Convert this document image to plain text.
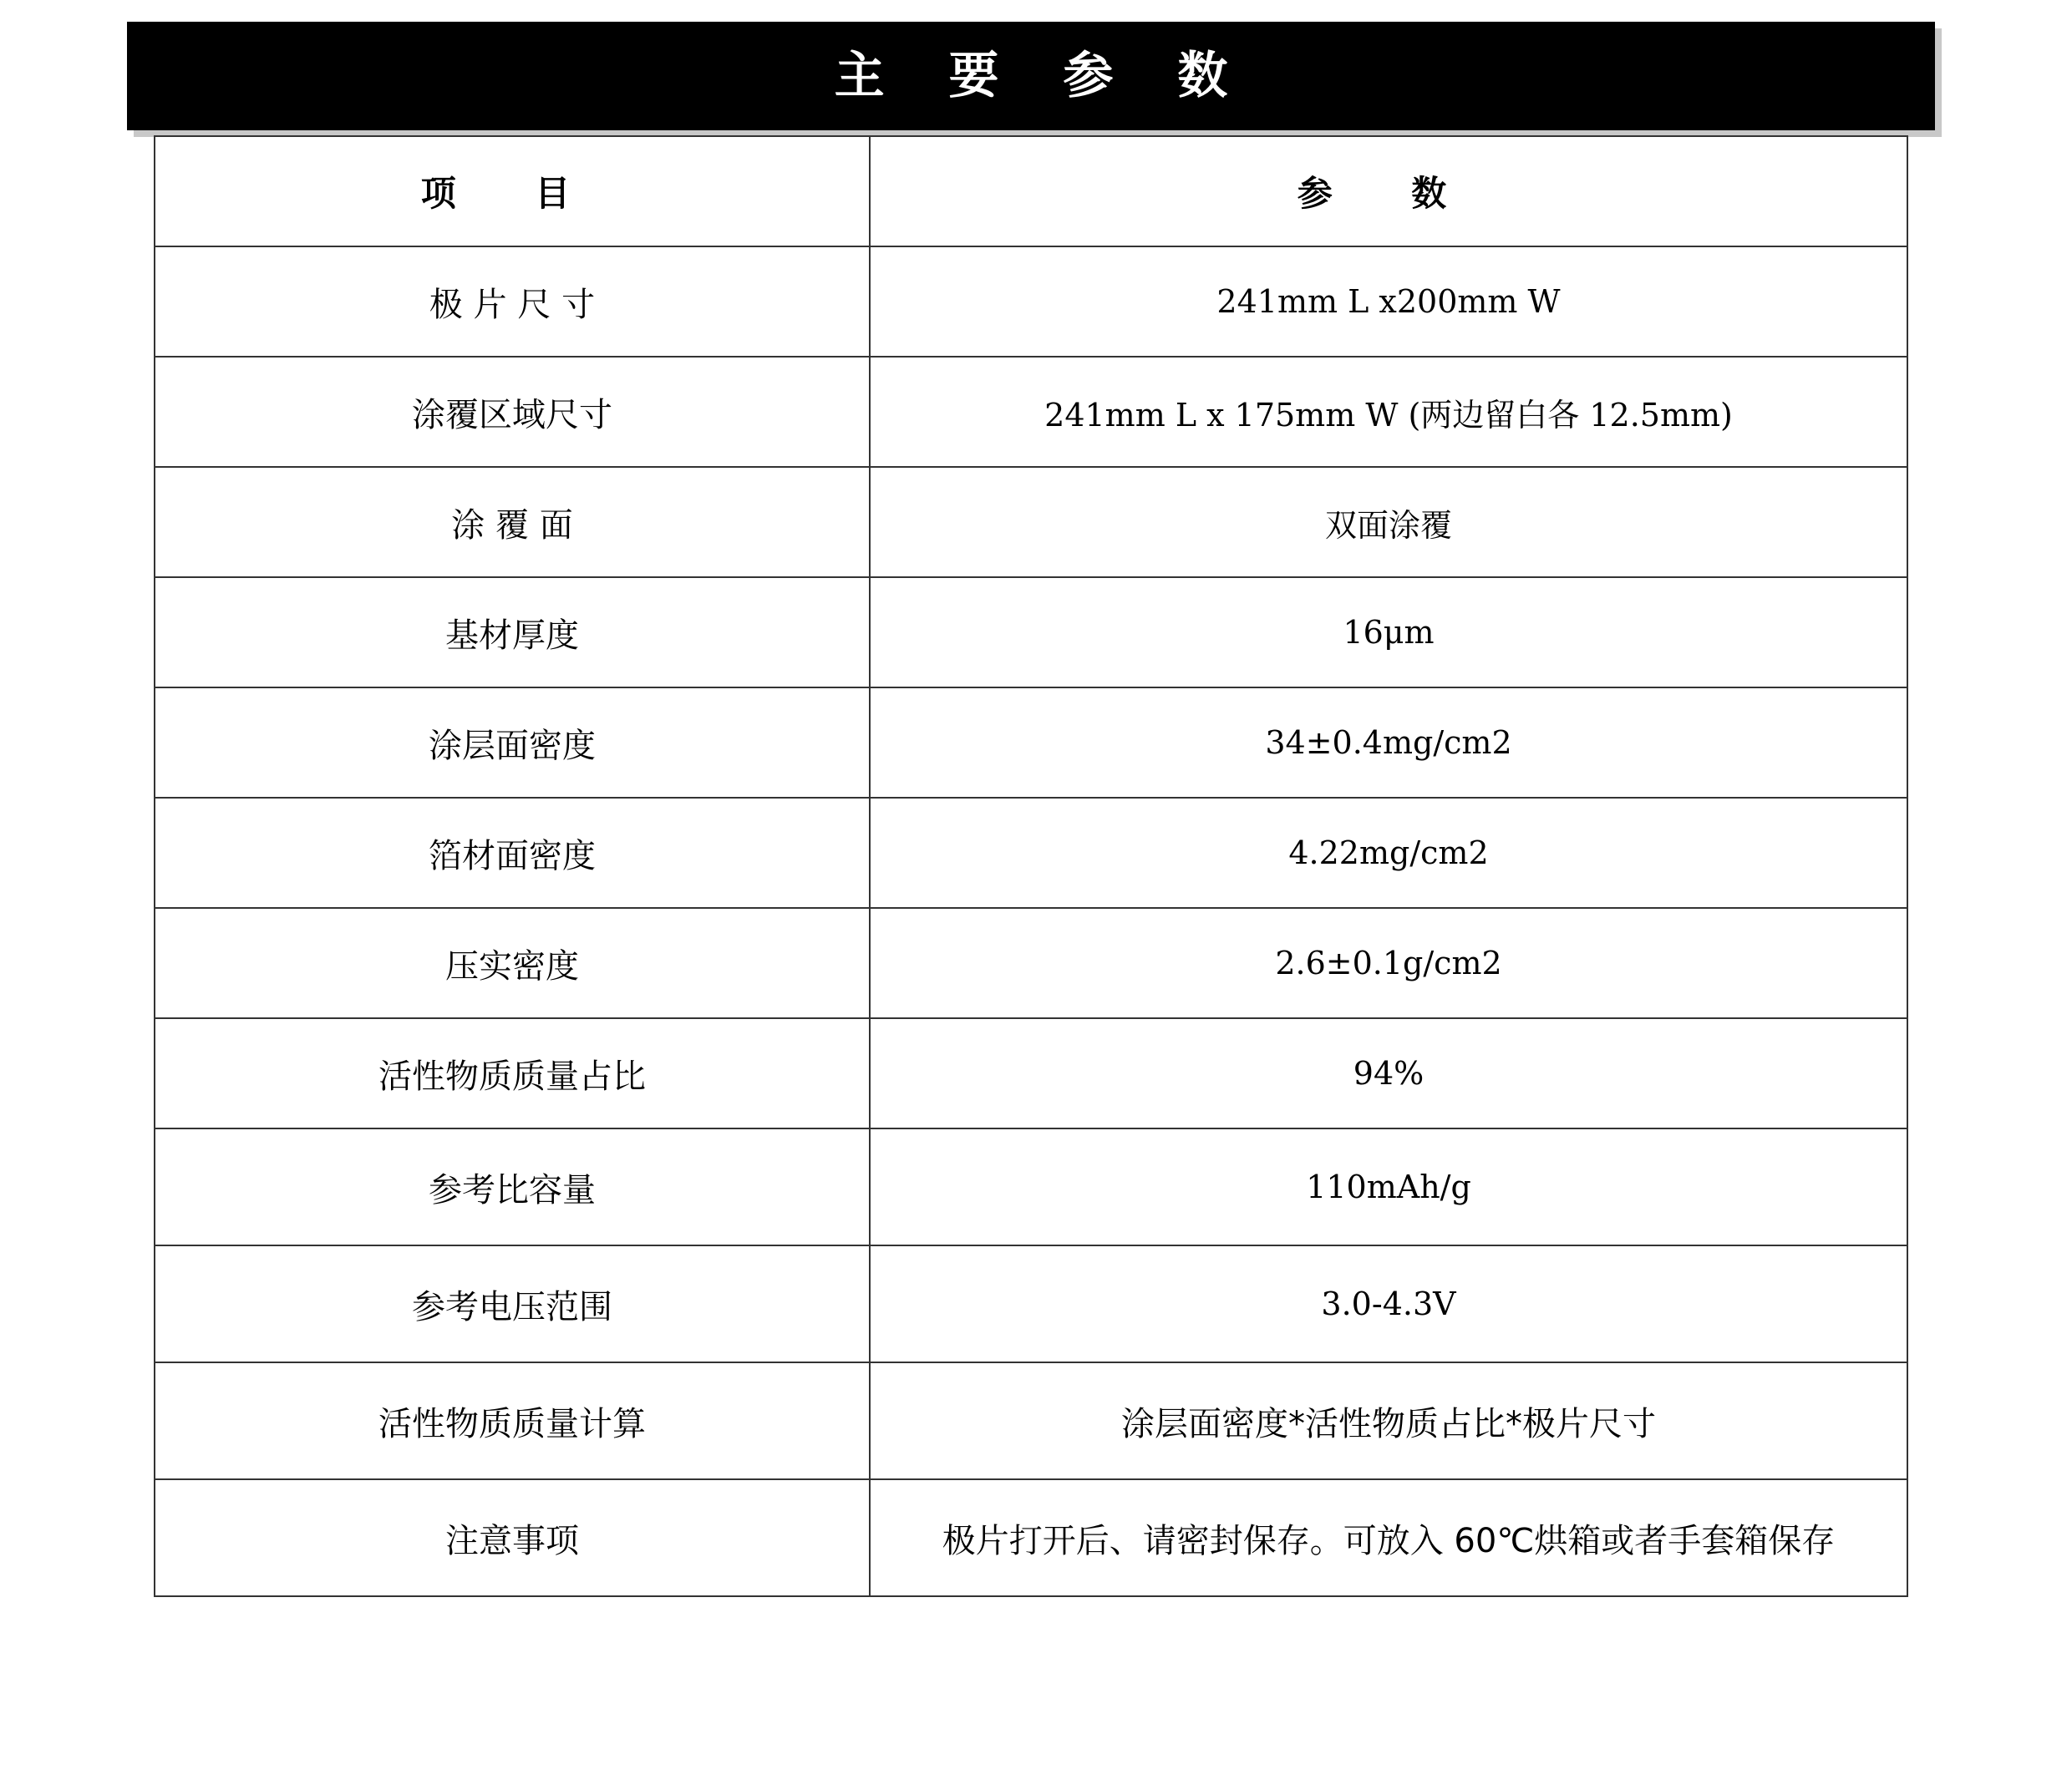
主 要 参 数
项 目	参 数
极 片 尺 寸	241mm L x200mm W
涂覆区域尺寸	241mm L x 175mm W (两边留白各 12.5mm)
涂 覆 面	双面涂覆
基材厚度	16μm
涂层面密度	34±0.4mg/cm2
箔材面密度	4.22mg/cm2
压实密度	2.6±0.1g/cm2
活性物质质量占比	94%
参考比容量	110mAh/g
参考电压范围	3.0-4.3V
活性物质质量计算	涂层面密度*活性物质占比*极片尺寸
注意事项	极片打开后、请密封保存。可放入 60℃烘箱或者手套箱保存
